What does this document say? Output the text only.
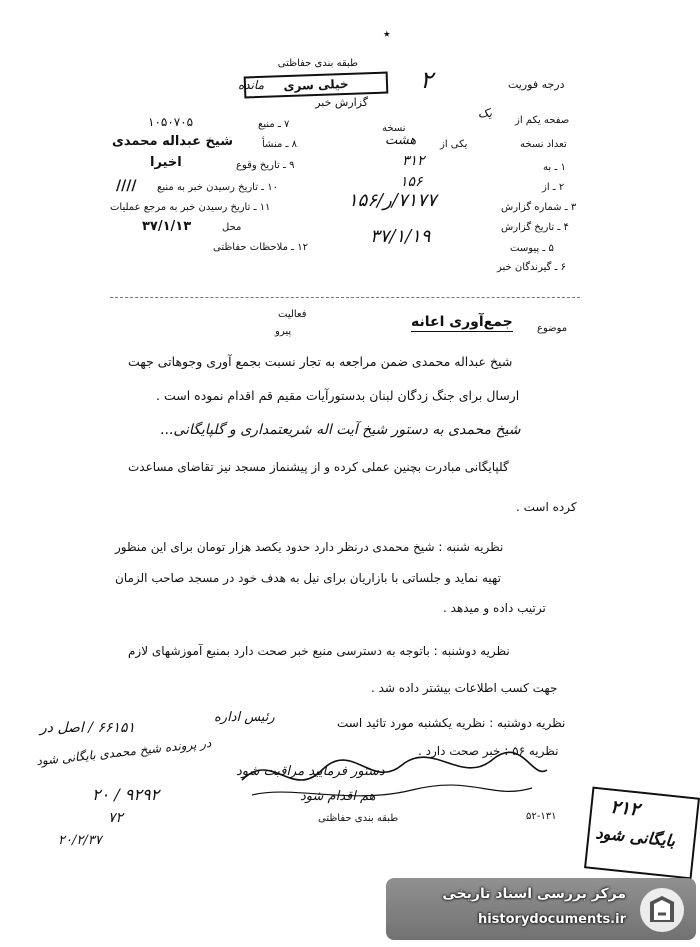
٭
درجه فوریت
۲
طبقه بندی حفاظتی
خیلی سری
گزارش خبر
مانده
صفحه یکم از
یک
نسخه
تعداد نسخه
یکی از
هشت
۱ ـ به
۳۱۲
۲ ـ از
۱۵۶
۳ ـ شماره گزارش
۷۱۷۷/ر/۱۵۶
۴ ـ تاریخ گزارش
۳۷/۱/۱۹
۵ ـ پیوست
۶ ـ گیرندگان خبر
۷ ـ منبع
۱۰۵۰۷۰۵
۸ ـ منشأ
شیخ عبداله محمدی
۹ ـ تاریخ وقوع
اخیرا
۱۰ ـ تاریخ رسیدن خبر به منبع
////
۱۱ ـ تاریخ رسیدن خبر به مرجع عملیات
۳۷/۱/۱۳	محل
۱۲ ـ ملاحظات حفاظتی
موضوع
جمع‌آوری اعانه
فعالیت
پیرو
شیخ عبداله محمدی ضمن مراجعه به تجار نسبت بجمع آوری وجوهاتی جهت
ارسال برای جنگ زدگان لبنان بدستورآیات مقیم قم اقدام نموده است .
شیخ محمدی به دستور شیخ آیت اله شریعتمداری و گلپایگانی...
گلپایگانی مبادرت بچنین عملی کرده و از پیشنماز مسجد نیز تقاضای مساعدت
کرده است .
نظریه شنبه : شیخ محمدی درنظر دارد حدود یکصد هزار تومان برای این منظور
تهیه نماید و جلساتی با بازاریان برای نیل به هدف خود در مسجد صاحب الزمان
ترتیب داده و میدهد .
نظریه دوشنبه : باتوجه به دسترسی منبع خبر صحت دارد بمنبع آموزشهای لازم
جهت کسب اطلاعات بیشتر داده شد .
نظریه دوشنبه : نظریه یکشنبه مورد تائید است
نظریه ۵۶ : خبر صحت دارد .
رئیس اداره
۶۶۱۵۱ / اصل در
در پرونده شیخ محمدی بایگانی شود
۹۲۹۲ / ۲۰
۷۲
۲۰/۲/۳۷
دستور فرمایید مراقبت شود
هم اقدام شود
طبقه بندی حفاظتی	۵۲-۱۳۱	۲۱۲
بایگانی شود
مرکز بررسی اسناد تاریخی
historydocuments.ir
